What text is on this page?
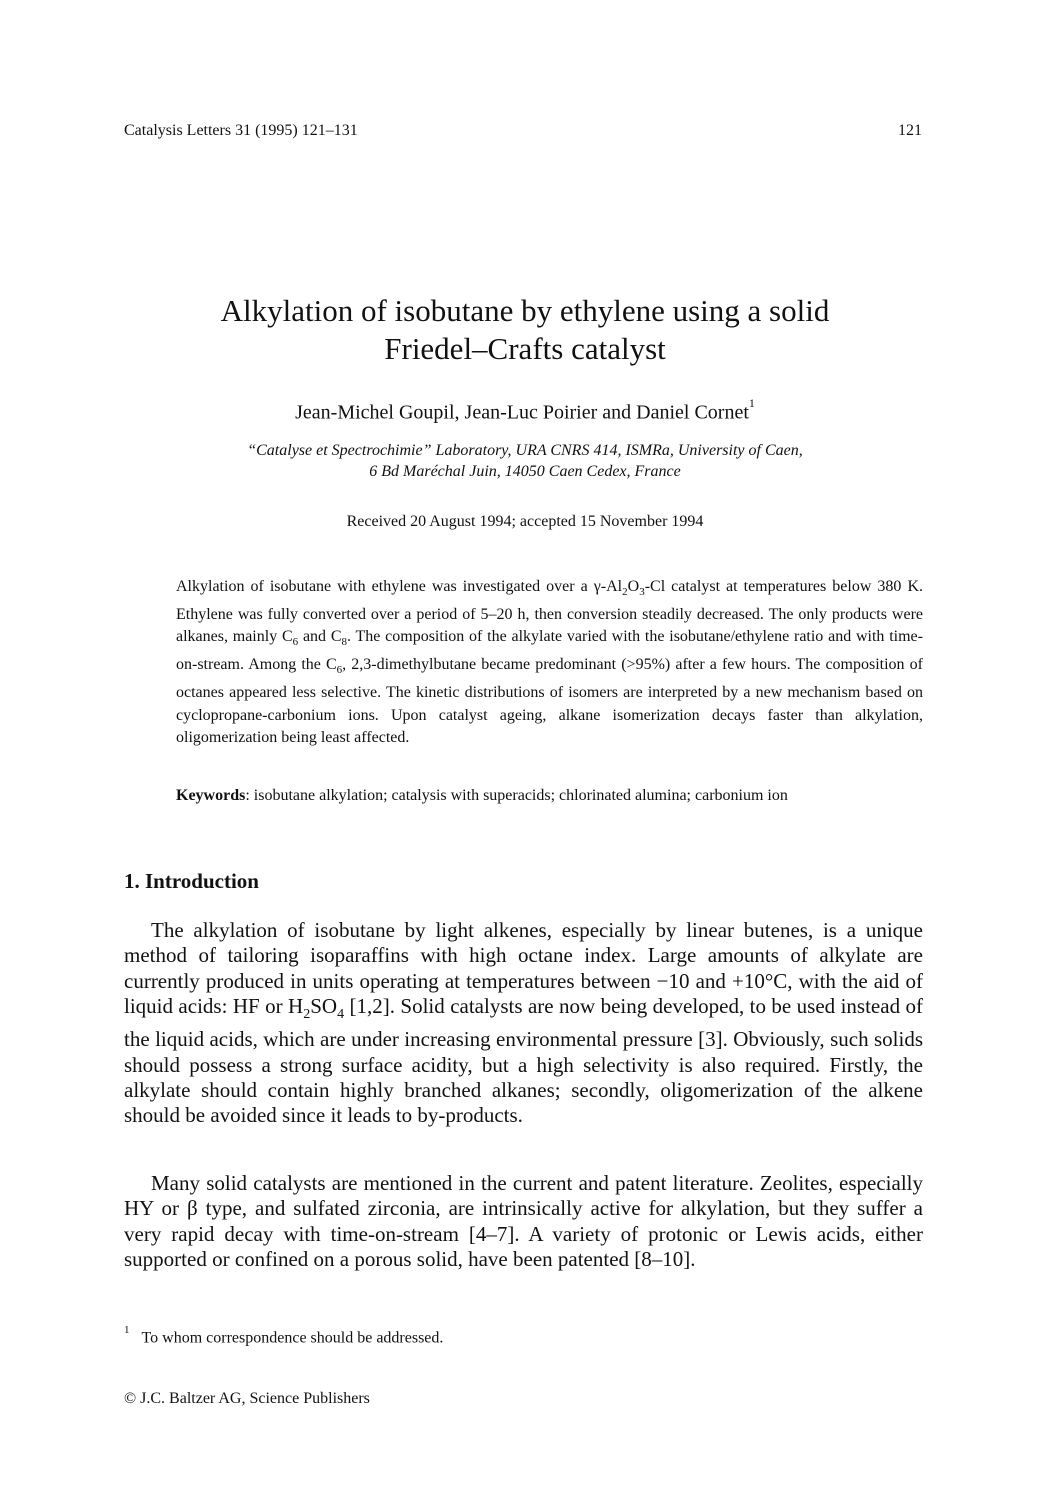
Catalysis Letters 31 (1995) 121–131	121
Alkylation of isobutane by ethylene using a solid
Friedel–Crafts catalyst
Jean-Michel Goupil, Jean-Luc Poirier and Daniel Cornet$^1$
“Catalyse et Spectrochimie” Laboratory, URA CNRS 414, ISMRa, University of Caen,
6 Bd Maréchal Juin, 14050 Caen Cedex, France
Received 20 August 1994; accepted 15 November 1994
Alkylation of isobutane with ethylene was investigated over a $\gamma-Al_2O_3-Cl$ catalyst at temperatures below 380 K. Ethylene was fully converted over a period of 5–20 h, then conversion steadily decreased. The only products were alkanes, mainly $C_6$ and $C_8$. The composition of the alkylate varied with the isobutane/ethylene ratio and with time-on-stream. Among the $C_6$, 2,3-dimethylbutane became predominant (>95%) after a few hours. The composition of octanes appeared less selective. The kinetic distributions of isomers are interpreted by a new mechanism based on cyclopropane-carbonium ions. Upon catalyst ageing, alkane isomerization decays faster than alkylation, oligomerization being least affected.
Keywords: isobutane alkylation; catalysis with superacids; chlorinated alumina; carbonium ion
1. Introduction

The alkylation of isobutane by light alkenes, especially by linear butenes, is a unique method of tailoring isoparaffins with high octane index. Large amounts of alkylate are currently produced in units operating at temperatures between −10 and +10°C, with the aid of liquid acids: HF or $H_2SO_4$ [1,2]. Solid catalysts are now being developed, to be used instead of the liquid acids, which are under increasing environmental pressure [3]. Obviously, such solids should possess a strong surface acidity, but a high selectivity is also required. Firstly, the alkylate should contain highly branched alkanes; secondly, oligomerization of the alkene should be avoided since it leads to by-products.

Many solid catalysts are mentioned in the current and patent literature. Zeolites, especially HY or β type, and sulfated zirconia, are intrinsically active for alkylation, but they suffer a very rapid decay with time-on-stream [4–7]. A variety of protonic or Lewis acids, either supported or confined on a porous solid, have been patented [8–10].

$^1$ To whom correspondence should be addressed.
© J.C. Baltzer AG, Science Publishers
